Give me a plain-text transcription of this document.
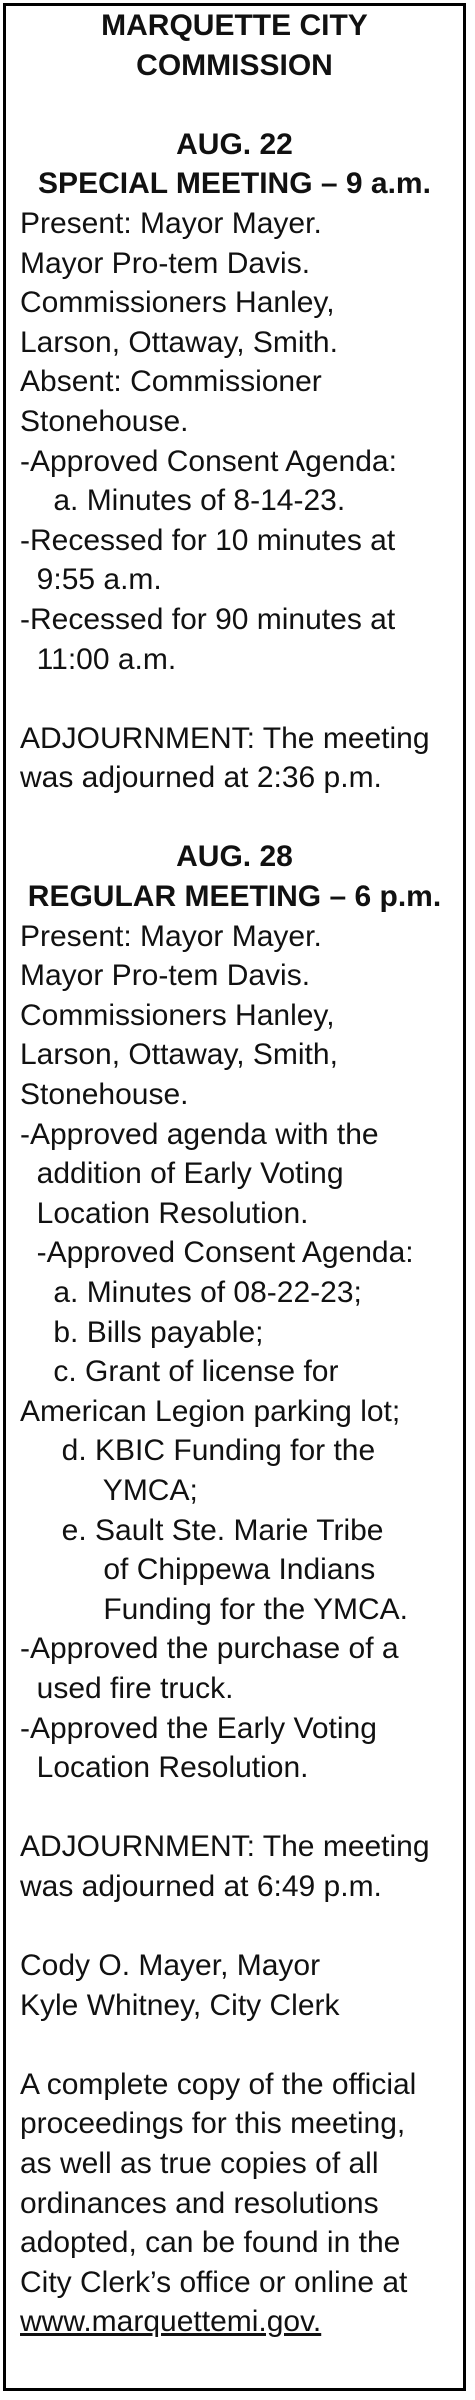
MARQUETTE CITY
COMMISSION
AUG. 22
SPECIAL MEETING – 9 a.m.
Present: Mayor Mayer.
Mayor Pro-tem Davis.
Commissioners Hanley,
Larson, Ottaway, Smith.
Absent: Commissioner
Stonehouse.
-Approved Consent Agenda:
a. Minutes of 8-14-23.
-Recessed for 10 minutes at
9:55 a.m.
-Recessed for 90 minutes at
11:00 a.m.
ADJOURNMENT: The meeting
was adjourned at 2:36 p.m.
AUG. 28
REGULAR MEETING – 6 p.m.
Present: Mayor Mayer.
Mayor Pro-tem Davis.
Commissioners Hanley,
Larson, Ottaway, Smith,
Stonehouse.
-Approved agenda with the
addition of Early Voting
Location Resolution.
-Approved Consent Agenda:
a. Minutes of 08-22-23;
b. Bills payable;
c. Grant of license for
American Legion parking lot;
d. KBIC Funding for the
YMCA;
e. Sault Ste. Marie Tribe
of Chippewa Indians
Funding for the YMCA.
-Approved the purchase of a
used fire truck.
-Approved the Early Voting
Location Resolution.
ADJOURNMENT: The meeting
was adjourned at 6:49 p.m.
Cody O. Mayer, Mayor
Kyle Whitney, City Clerk
A complete copy of the official
proceedings for this meeting,
as well as true copies of all
ordinances and resolutions
adopted, can be found in the
City Clerk’s office or online at
www.marquettemi.gov.
